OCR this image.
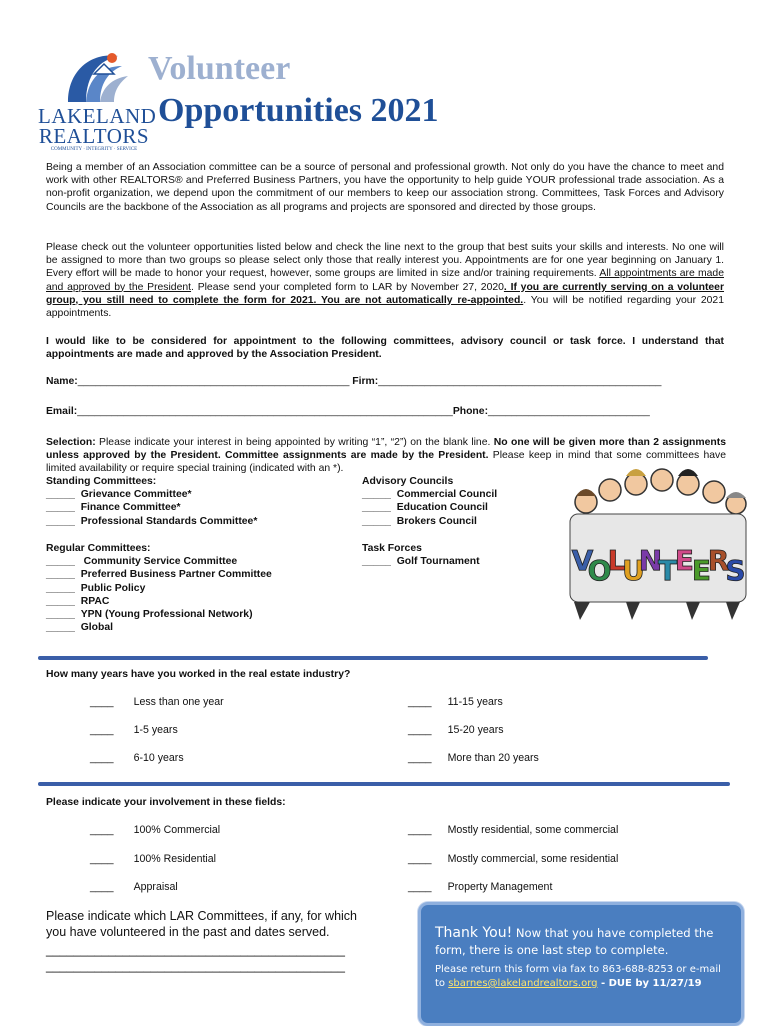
LAKELAND
REALTORS
COMMUNITY · INTEGRITY · SERVICE
Volunteer
Opportunities 2021
Being a member of an Association committee can be a source of personal and professional growth. Not only do you have the chance to meet and work with other REALTORS® and Preferred Business Partners, you have the opportunity to help guide YOUR professional trade association. As a non-profit organization, we depend upon the commitment of our members to keep our association strong. Committees, Task Forces and Advisory Councils are the backbone of the Association as all programs and projects are sponsored and directed by those groups.
Please check out the volunteer opportunities listed below and check the line next to the group that best suits your skills and interests. No one will be assigned to more than two groups so please select only those that really interest you. Appointments are for one year beginning on January 1. Every effort will be made to honor your request, however, some groups are limited in size and/or training requirements. All appointments are made and approved by the President. Please send your completed form to LAR by November 27, 2020. If you are currently serving on a volunteer group, you still need to complete the form for 2021. You are not automatically re-appointed.. You will be notified regarding your 2021 appointments.
I would like to be considered for appointment to the following committees, advisory council or task force. I understand that appointments are made and approved by the Association President.
Name:_______________________________________________ Firm:_________________________________________________
Email:_________________________________________________________________Phone:____________________________
Selection: Please indicate your interest in being appointed by writing “1”, “2”) on the blank line. No one will be given more than 2 assignments unless approved by the President. Committee assignments are made by the President. Please keep in mind that some committees have limited availability or require special training (indicated with an *).
Standing Committees:
_____ Grievance Committee*
_____ Finance Committee*
_____ Professional Standards Committee*
Advisory Councils
_____ Commercial Council
_____ Education Council
_____ Brokers Council
Regular Committees:
_____ Community Service Committee
_____ Preferred Business Partner Committee
_____ Public Policy
_____ RPAC
_____ YPN (Young Professional Network)
_____ Global
Task Forces
_____ Golf Tournament	V
O
L
U
N
T
E
E
R
S
How many years have you worked in the real estate industry?
____ Less than one year	____ 11-15 years
____ 1-5 years	____ 15-20 years
____ 6-10 years	____ More than 20 years
Please indicate your involvement in these fields:
____ 100% Commercial	____ Mostly residential, some commercial
____ 100% Residential	____ Mostly commercial, some residential
____ Appraisal	____ Property Management
Please indicate which LAR Committees, if any, for which you have volunteered in the past and dates served.
___________________________________________
___________________________________________
Thank You! Now that you have completed the form, there is one last step to complete.
Please return this form via fax to 863-688-8253 or e-mail to sbarnes@lakelandrealtors.org - DUE by 11/27/19
